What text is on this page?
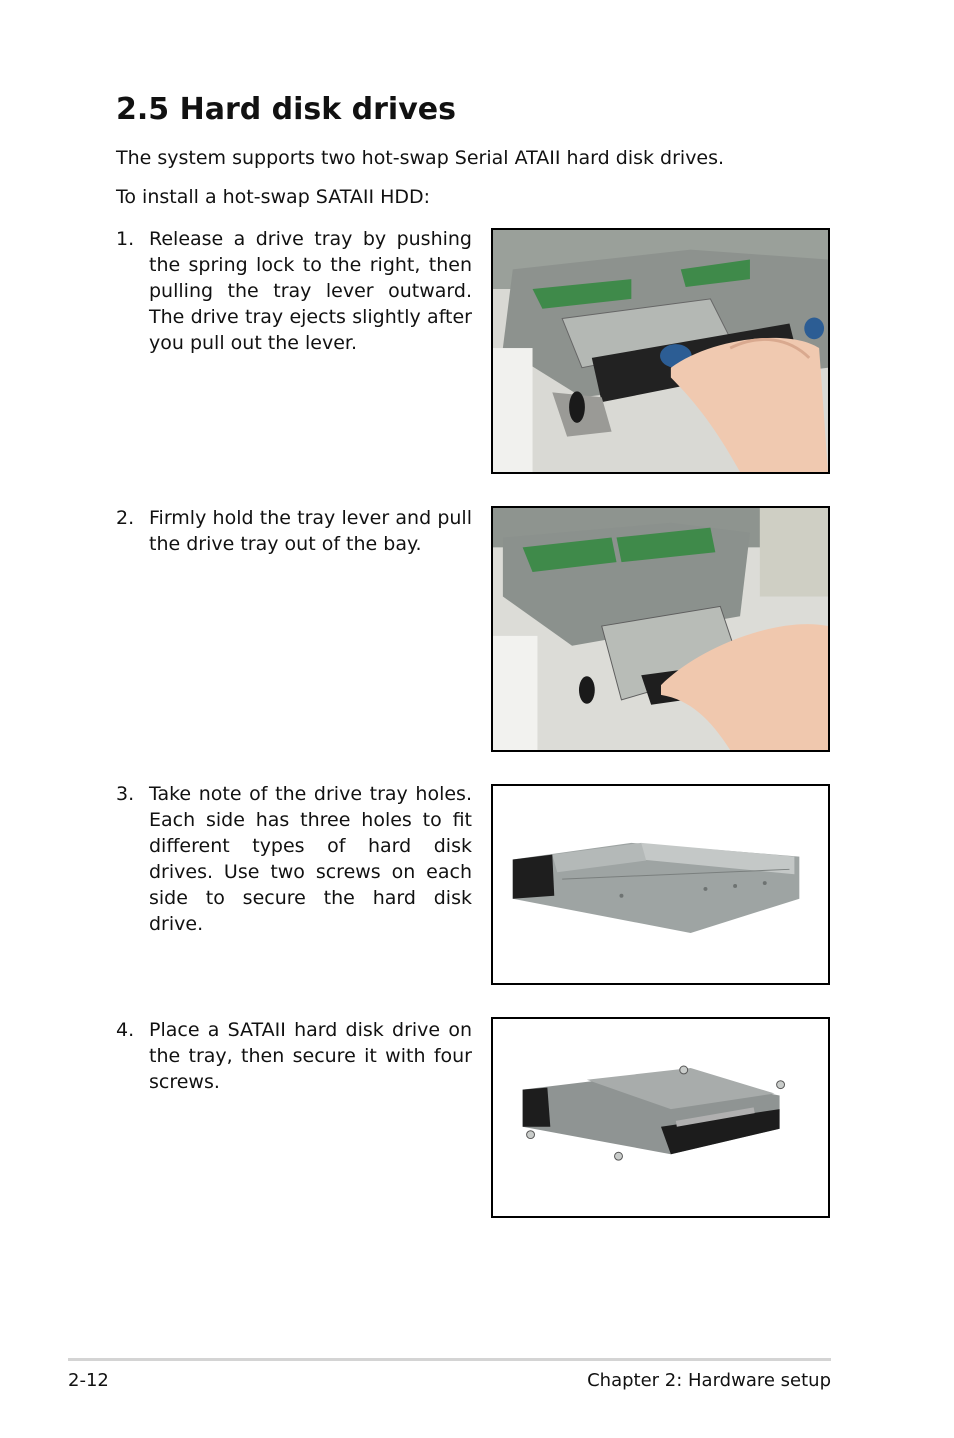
2.5 Hard disk drives

The system supports two hot-swap Serial ATAII hard disk drives.

To install a hot-swap SATAII HDD:

1. Release a drive tray by pushing the spring lock to the right, then pulling the tray lever outward. The drive tray ejects slightly after you pull out the lever.
2. Firmly hold the tray lever and pull the drive tray out of the bay.
3. Take note of the drive tray holes. Each side has three holes to fit different types of hard disk drives. Use two screws on each side to secure the hard disk drive.
4. Place a SATAII hard disk drive on the tray, then secure it with four screws.
2-12	Chapter 2: Hardware setup
